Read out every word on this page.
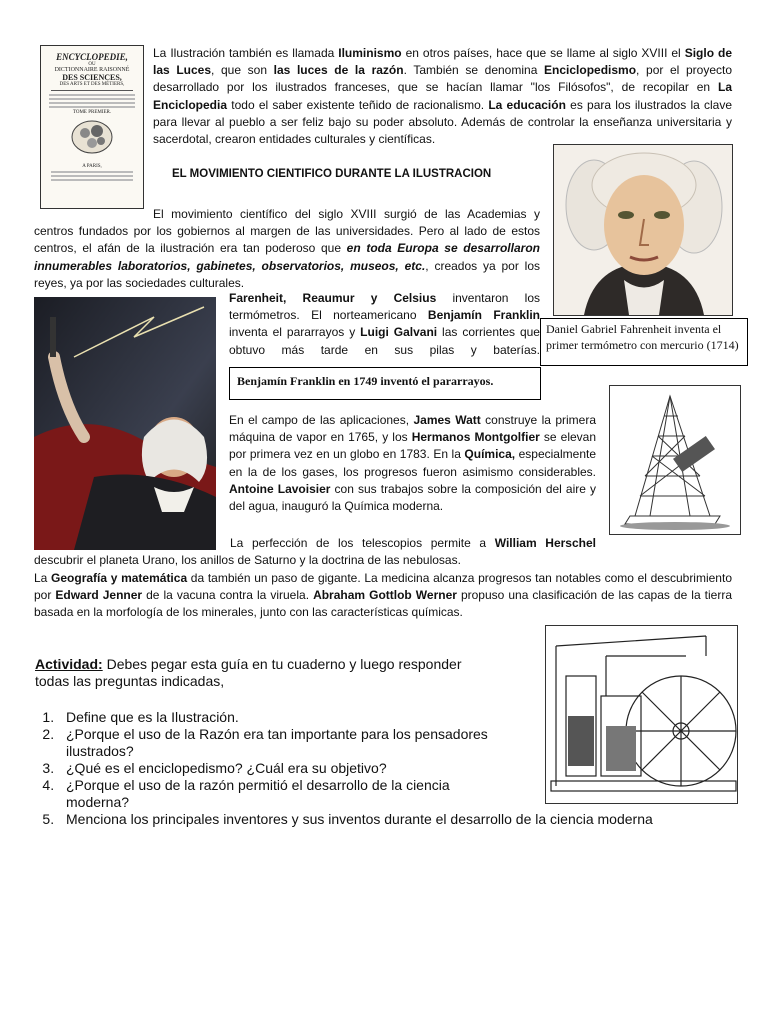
ENCYCLOPEDIE,
OU
DICTIONNAIRE RAISONNÉ
DES SCIENCES,
DES ARTS ET DES MÉTIERS,
TOME PREMIER.
A PARIS,
La Ilustración también es llamada Iluminismo en otros países, hace que se llame al siglo XVIII el Siglo de las Luces, que son las luces de la razón. También se denomina Enciclopedismo, por el proyecto desarrollado por los ilustrados franceses, que se hacían llamar "los Filósofos", de recopilar en La Enciclopedia todo el saber existente teñido de racionalismo. La educación es para los ilustrados la clave para llevar al pueblo a ser feliz bajo su poder absoluto. Además de controlar la enseñanza universitaria y sacerdotal, crearon entidades culturales y científicas.
EL MOVIMIENTO CIENTIFICO DURANTE LA ILUSTRACION
El movimiento científico del siglo XVIII surgió de las Academias y centros fundados por los gobiernos al margen de las universidades. Pero al lado de estos centros, el afán de la ilustración era tan poderoso que en toda Europa se desarrollaron innumerables laboratorios, gabinetes, observatorios, museos, etc., creados ya por los reyes, ya por las sociedades culturales.
Farenheit, Reaumur y Celsius inventaron los termómetros. El norteamericano Benjamín Franklin inventa el pararrayos y Luigi Galvani las corrientes que obtuvo más tarde en sus pilas y baterías.
Daniel Gabriel Fahrenheit inventa el primer termómetro con mercurio (1714)
Benjamín Franklin en 1749 inventó el pararrayos.
En el campo de las aplicaciones, James Watt construye la primera máquina de vapor en 1765, y los Hermanos Montgolfier se elevan por primera vez en un globo en 1783. En la Química, especialmente en la de los gases, los progresos fueron asimismo considerables. Antoine Lavoisier con sus trabajos sobre la composición del aire y del agua, inauguró la Química moderna.
La perfección de los telescopios permite a William Herschel
descubrir el planeta Urano, los anillos de Saturno y la doctrina de las nebulosas.
La Geografía y matemática da también un paso de gigante. La medicina alcanza progresos tan notables como el descubrimiento por Edward Jenner de la vacuna contra la viruela. Abraham Gottlob Werner propuso una clasificación de las capas de la tierra basada en la morfología de los minerales, junto con las características químicas.
Actividad: Debes pegar esta guía en tu cuaderno y luego responder todas las preguntas indicadas,
1. Define que es la Ilustración.
2. ¿Porque el uso de la Razón era tan importante para los pensadores ilustrados?
3. ¿Qué es el enciclopedismo? ¿Cuál era su objetivo?
4. ¿Porque el uso de la razón permitió el desarrollo de la ciencia moderna?
5. Menciona los principales inventores y sus inventos durante el desarrollo de la ciencia moderna
